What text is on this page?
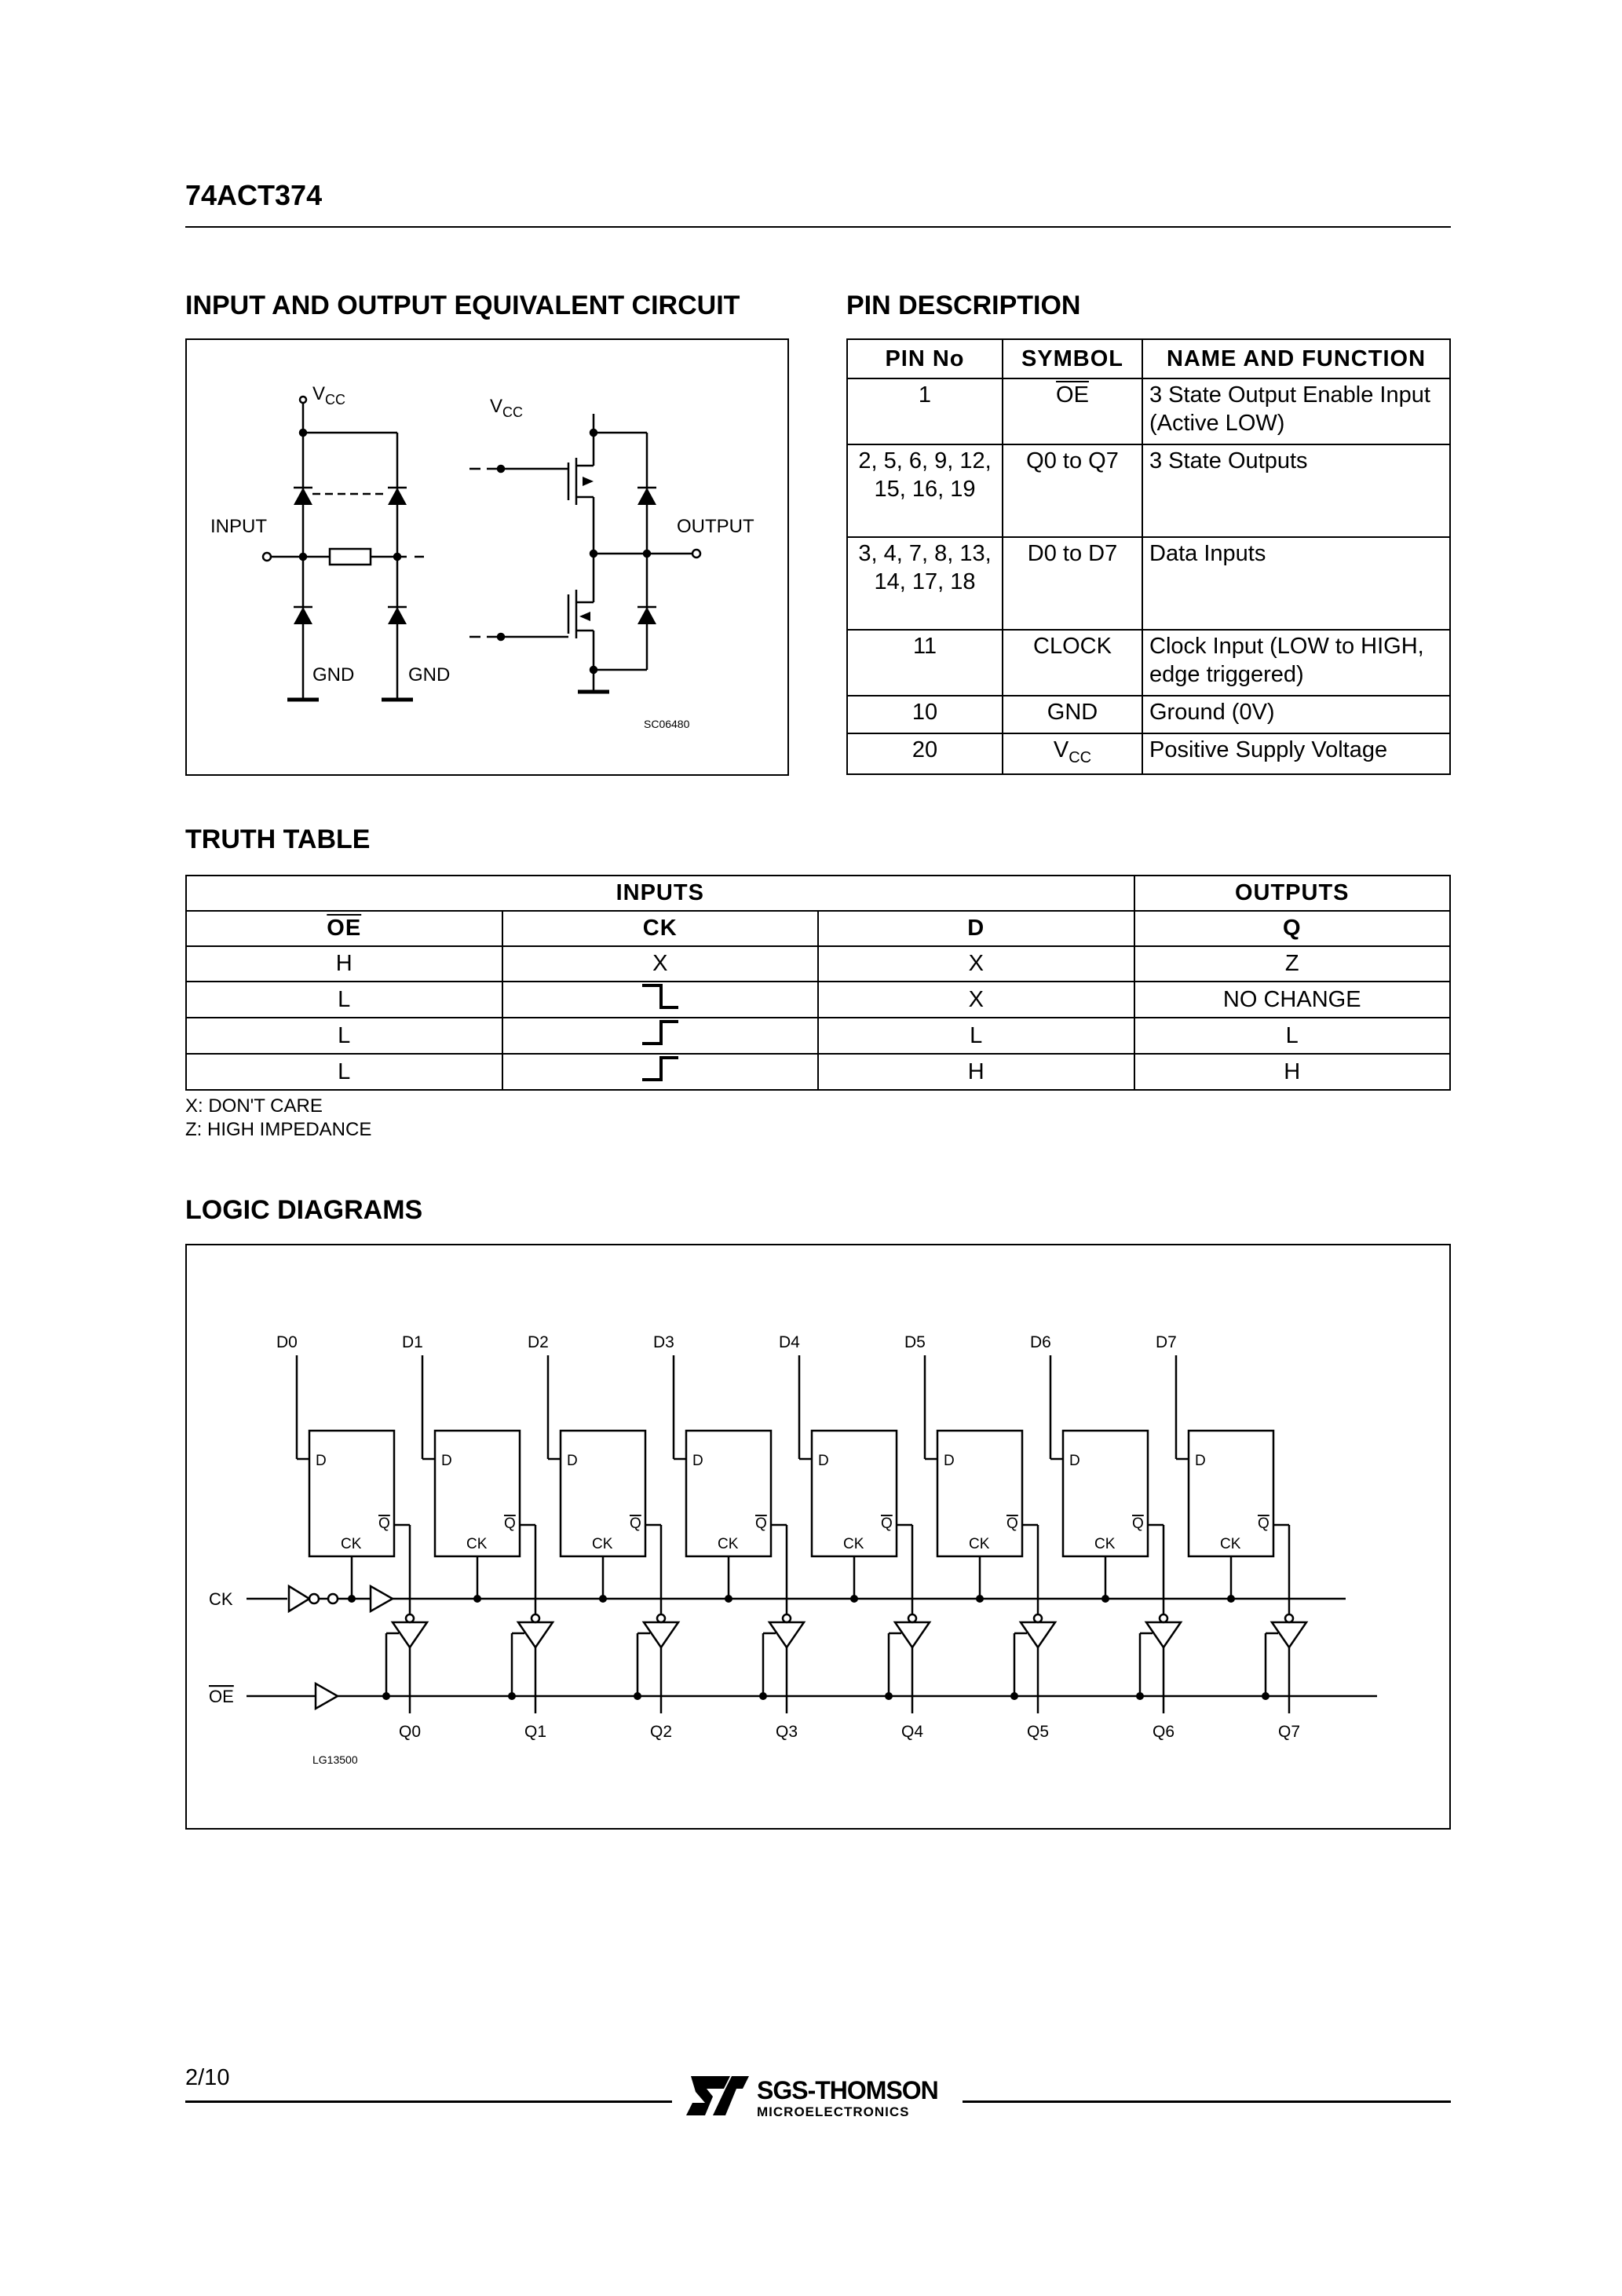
74ACT374
INPUT AND OUTPUT EQUIVALENT CIRCUIT	PIN DESCRIPTION
$V_{CC}$	$V_{CC}$
INPUT	OUTPUT
GND	GND
SC06480
PIN No	SYMBOL	NAME AND FUNCTION
1	$\overline{OE}$	3 State Output Enable Input (Active LOW)
2, 5, 6, 9, 12, 15, 16, 19	Q0 to Q7	3 State Outputs
3, 4, 7, 8, 13, 14, 17, 18	D0 to D7	Data Inputs
11	CLOCK	Clock Input (LOW to HIGH, edge triggered)
10	GND	Ground (0V)
20	$V_{CC}$	Positive Supply Voltage
TRUTH TABLE
INPUTS			OUTPUTS
$\overline{OE}$	CK	D	Q
H	X	X	Z
L		X	NO CHANGE
L		L	L
L		H	H
X: DON'T CARE
Z: HIGH IMPEDANCE
LOGIC DIAGRAMS
D0
D
CK
Q
Q0
D1
D
CK
Q
Q1
D2
D
CK
Q
Q2
D3
D
CK
Q
Q3
D4
D
CK
Q
Q4
D5
D
CK
Q
Q5
D6
D
CK
Q
Q6
D7
D
CK
Q
Q7
CK
OE
LG13500
2/10	SGS-THOMSON
MICROELECTRONICS
